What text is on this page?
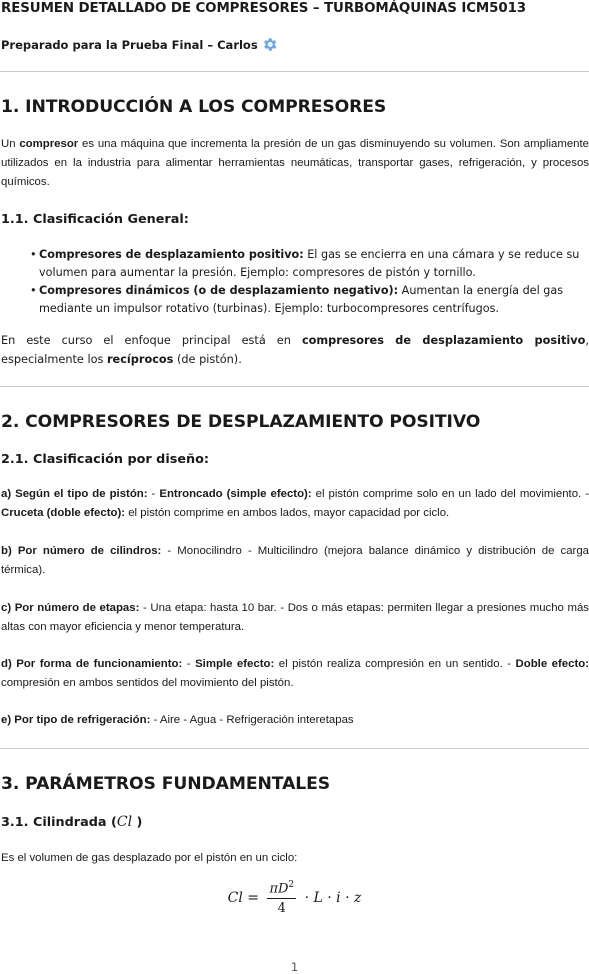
RESUMEN DETALLADO DE COMPRESORES – TURBOMÁQUINAS ICM5013
Preparado para la Prueba Final – Carlos
1. INTRODUCCIÓN A LOS COMPRESORES
Un compresor es una máquina que incrementa la presión de un gas disminuyendo su volumen. Son ampliamente utilizados en la industria para alimentar herramientas neumáticas, transportar gases, refrigeración, y procesos químicos.
1.1. Clasificación General:
• Compresores de desplazamiento positivo: El gas se encierra en una cámara y se reduce su volumen para aumentar la presión. Ejemplo: compresores de pistón y tornillo.
• Compresores dinámicos (o de desplazamiento negativo): Aumentan la energía del gas mediante un impulsor rotativo (turbinas). Ejemplo: turbocompresores centrífugos.
En este curso el enfoque principal está en compresores de desplazamiento positivo, especialmente los recíprocos (de pistón).
2. COMPRESORES DE DESPLAZAMIENTO POSITIVO
2.1. Clasificación por diseño:
a) Según el tipo de pistón: - Entroncado (simple efecto): el pistón comprime solo en un lado del movimiento. - Cruceta (doble efecto): el pistón comprime en ambos lados, mayor capacidad por ciclo.
b) Por número de cilindros: - Monocilindro - Multicilindro (mejora balance dinámico y distribución de carga térmica).
c) Por número de etapas: - Una etapa: hasta 10 bar. - Dos o más etapas: permiten llegar a presiones mucho más altas con mayor eficiencia y menor temperatura.
d) Por forma de funcionamiento: - Simple efecto: el pistón realiza compresión en un sentido. - Doble efecto: compresión en ambos sentidos del movimiento del pistón.
e) Por tipo de refrigeración: - Aire - Agua - Refrigeración interetapas
3. PARÁMETROS FUNDAMENTALES
3.1. Cilindrada (Cl )
Es el volumen de gas desplazado por el pistón en un ciclo:
$Cl = \frac{\pi D^2}{4} \cdot L \cdot i \cdot z$
1
